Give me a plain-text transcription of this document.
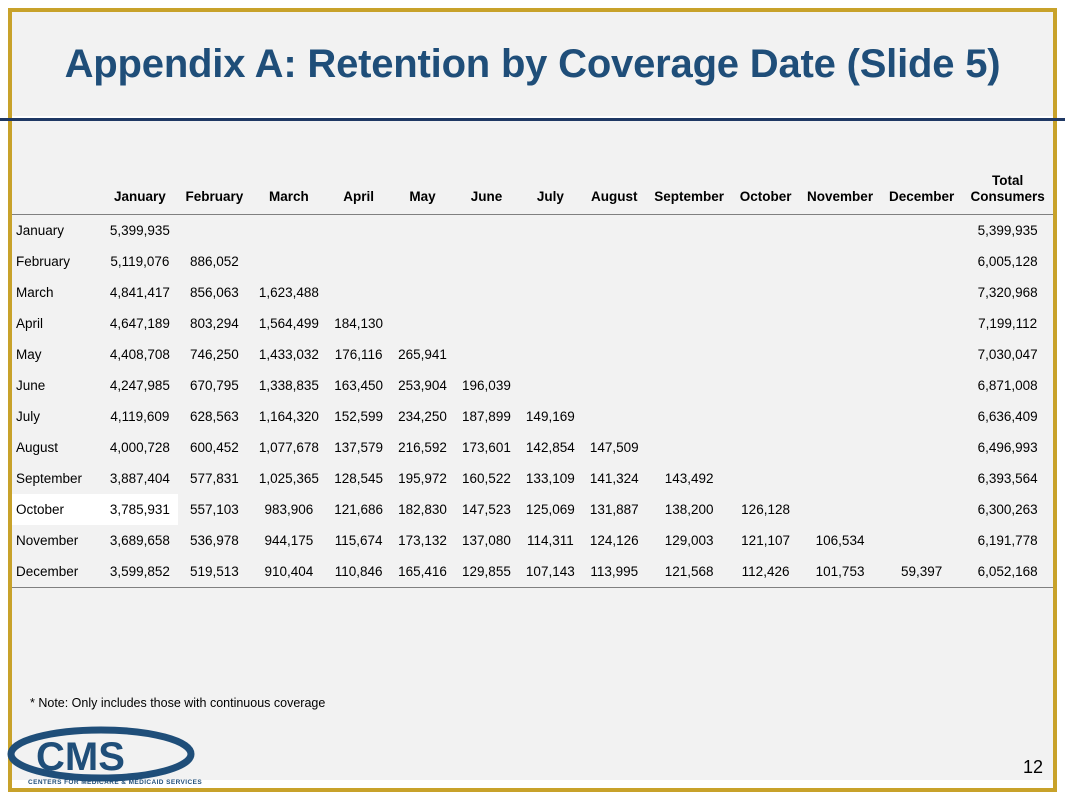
Appendix A: Retention by Coverage Date (Slide 5)
	January	February	March	April	May	June	July	August	September	October	November	December	Total
Consumers
January	5,399,935												5,399,935
February	5,119,076	886,052											6,005,128
March	4,841,417	856,063	1,623,488										7,320,968
April	4,647,189	803,294	1,564,499	184,130									7,199,112
May	4,408,708	746,250	1,433,032	176,116	265,941								7,030,047
June	4,247,985	670,795	1,338,835	163,450	253,904	196,039							6,871,008
July	4,119,609	628,563	1,164,320	152,599	234,250	187,899	149,169						6,636,409
August	4,000,728	600,452	1,077,678	137,579	216,592	173,601	142,854	147,509					6,496,993
September	3,887,404	577,831	1,025,365	128,545	195,972	160,522	133,109	141,324	143,492				6,393,564
October	3,785,931	557,103	983,906	121,686	182,830	147,523	125,069	131,887	138,200	126,128			6,300,263
November	3,689,658	536,978	944,175	115,674	173,132	137,080	114,311	124,126	129,003	121,107	106,534		6,191,778
December	3,599,852	519,513	910,404	110,846	165,416	129,855	107,143	113,995	121,568	112,426	101,753	59,397	6,052,168
* Note: Only includes those with continuous coverage
CMS
CENTERS FOR MEDICARE & MEDICAID SERVICES
12
